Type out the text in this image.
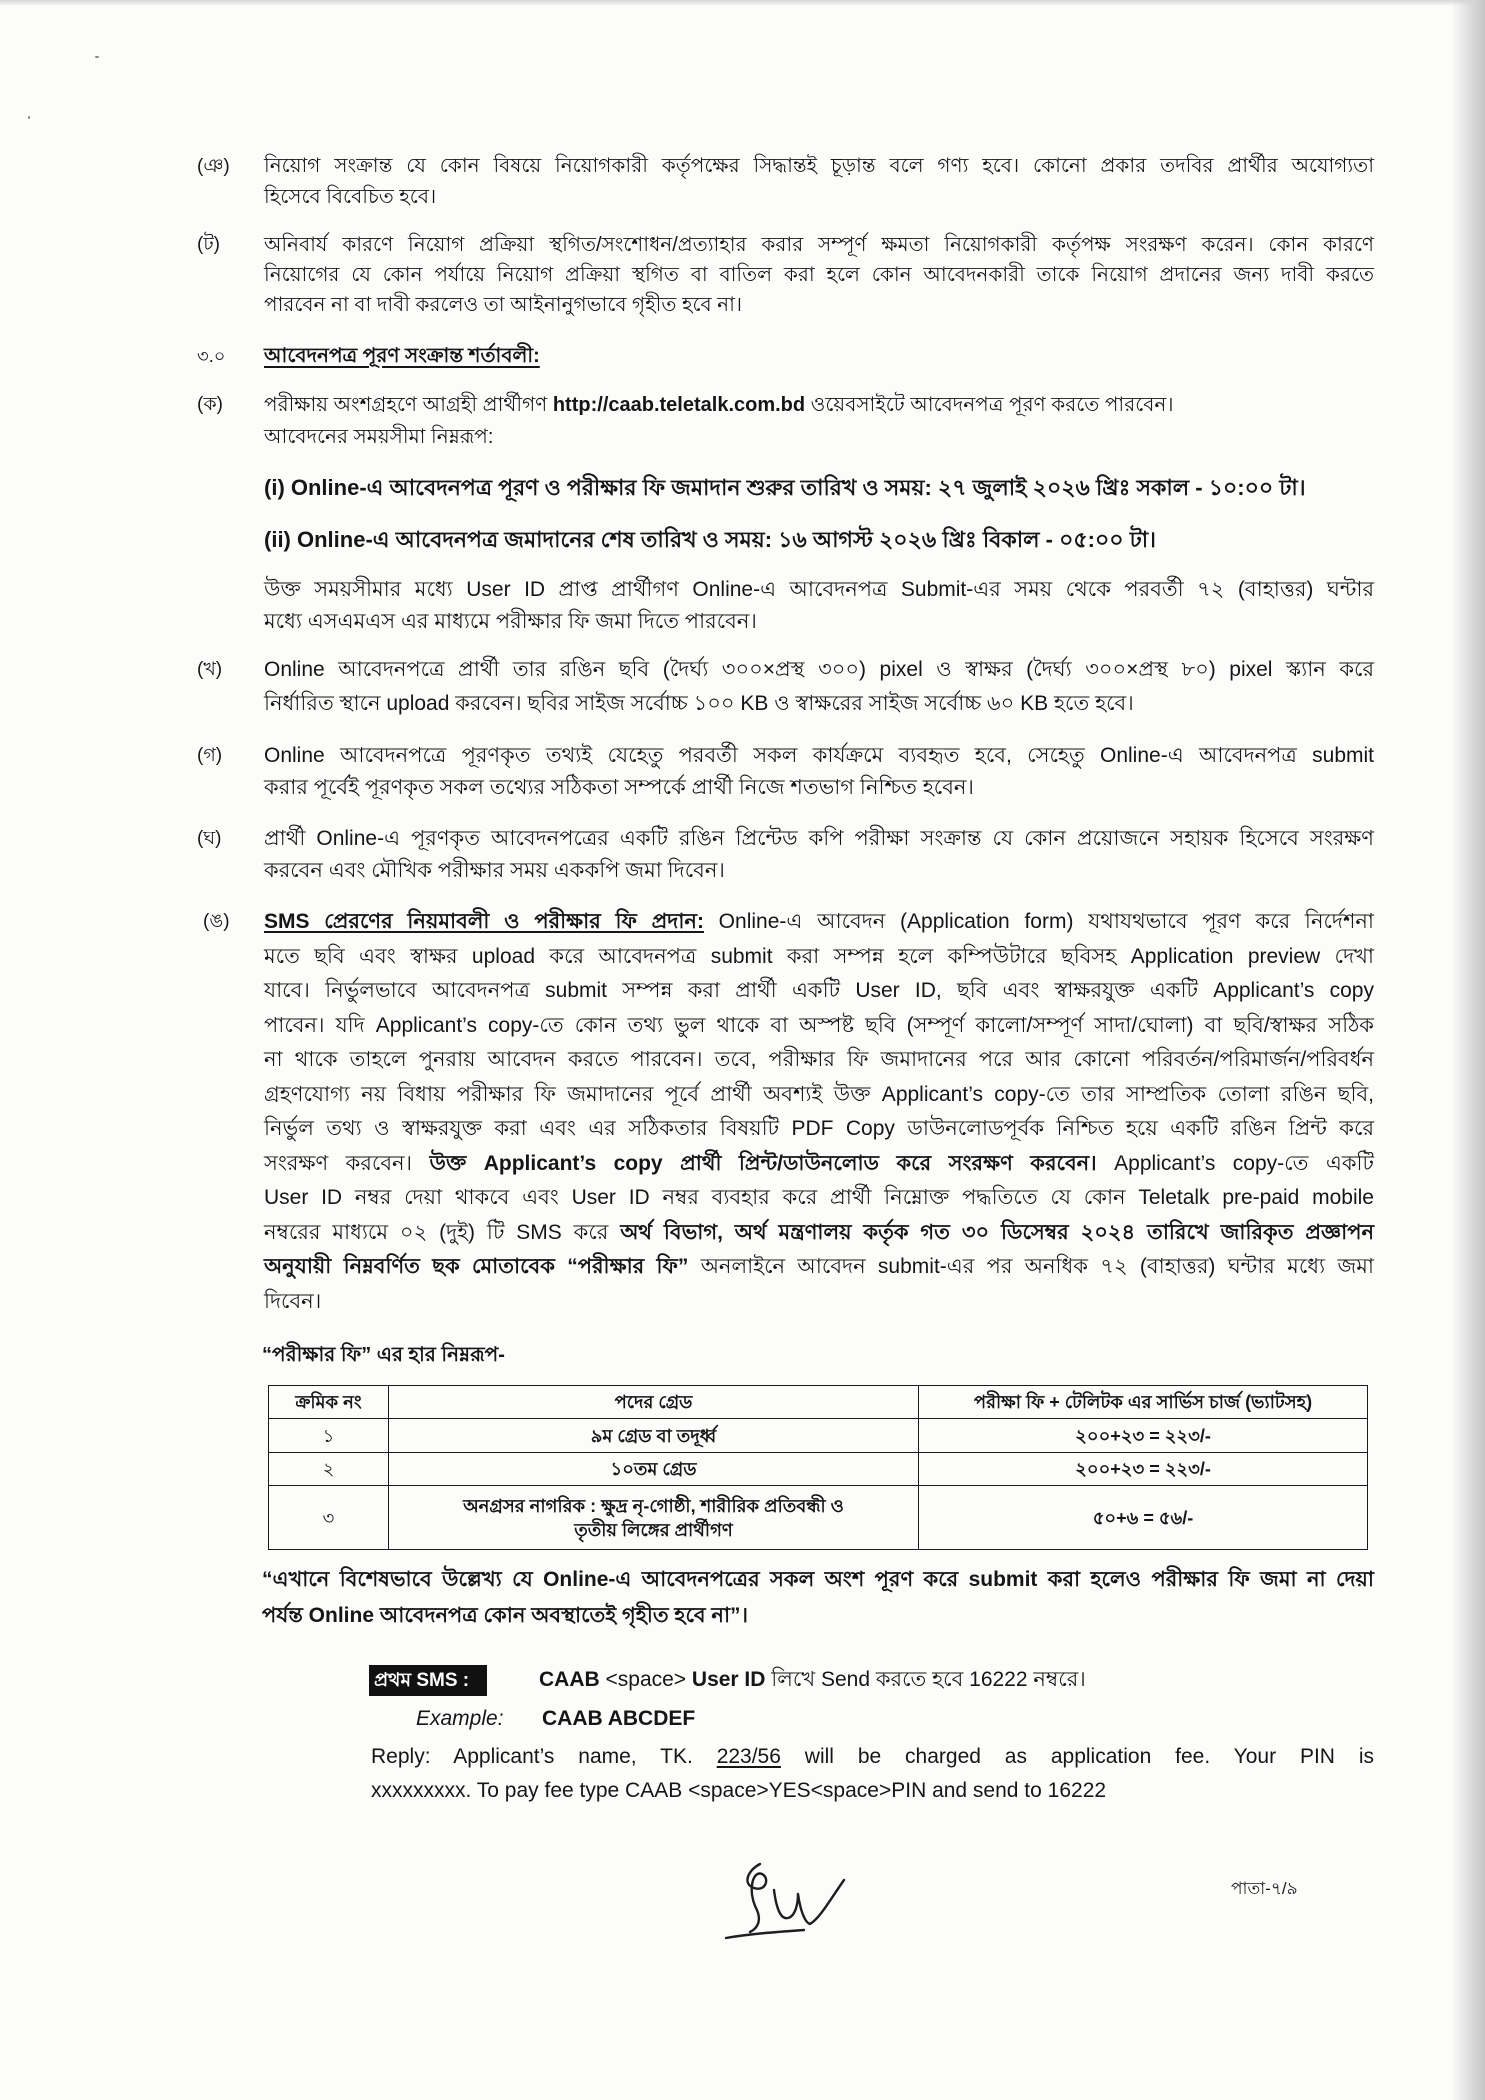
(ঞ) নিয়োগ সংক্রান্ত যে কোন বিষয়ে নিয়োগকারী কর্তৃপক্ষের সিদ্ধান্তই চূড়ান্ত বলে গণ্য হবে। কোনো প্রকার তদবির প্রার্থীর অযোগ্যতা
হিসেবে বিবেচিত হবে।
(ট) অনিবার্য কারণে নিয়োগ প্রক্রিয়া স্থগিত/সংশোধন/প্রত্যাহার করার সম্পূর্ণ ক্ষমতা নিয়োগকারী কর্তৃপক্ষ সংরক্ষণ করেন। কোন কারণে
নিয়োগের যে কোন পর্যায়ে নিয়োগ প্রক্রিয়া স্থগিত বা বাতিল করা হলে কোন আবেদনকারী তাকে নিয়োগ প্রদানের জন্য দাবী করতে
পারবেন না বা দাবী করলেও তা আইনানুগভাবে গৃহীত হবে না।
৩.০ আবেদনপত্র পূরণ সংক্রান্ত শর্তাবলী:
(ক) পরীক্ষায় অংশগ্রহণে আগ্রহী প্রার্থীগণ http://caab.teletalk.com.bd ওয়েবসাইটে আবেদনপত্র পূরণ করতে পারবেন।
আবেদনের সময়সীমা নিম্নরূপ:
(i) Online-এ আবেদনপত্র পূরণ ও পরীক্ষার ফি জমাদান শুরুর তারিখ ও সময়: ২৭ জুলাই ২০২৬ খ্রিঃ সকাল - ১০:০০ টা।
(ii) Online-এ আবেদনপত্র জমাদানের শেষ তারিখ ও সময়: ১৬ আগস্ট ২০২৬ খ্রিঃ বিকাল - ০৫:০০ টা।
উক্ত সময়সীমার মধ্যে User ID প্রাপ্ত প্রার্থীগণ Online-এ আবেদনপত্র Submit-এর সময় থেকে পরবর্তী ৭২ (বাহাত্তর) ঘন্টার
মধ্যে এসএমএস এর মাধ্যমে পরীক্ষার ফি জমা দিতে পারবেন।
(খ) Online আবেদনপত্রে প্রার্থী তার রঙিন ছবি (দৈর্ঘ্য ৩০০×প্রস্থ ৩০০) pixel ও স্বাক্ষর (দৈর্ঘ্য ৩০০×প্রস্থ ৮০) pixel স্ক্যান করে
নির্ধারিত স্থানে upload করবেন। ছবির সাইজ সর্বোচ্চ ১০০ KB ও স্বাক্ষরের সাইজ সর্বোচ্চ ৬০ KB হতে হবে।
(গ) Online আবেদনপত্রে পূরণকৃত তথ্যই যেহেতু পরবর্তী সকল কার্যক্রমে ব্যবহৃত হবে, সেহেতু Online-এ আবেদনপত্র submit
করার পূর্বেই পূরণকৃত সকল তথ্যের সঠিকতা সম্পর্কে প্রার্থী নিজে শতভাগ নিশ্চিত হবেন।
(ঘ) প্রার্থী Online-এ পূরণকৃত আবেদনপত্রের একটি রঙিন প্রিন্টেড কপি পরীক্ষা সংক্রান্ত যে কোন প্রয়োজনে সহায়ক হিসেবে সংরক্ষণ
করবেন এবং মৌখিক পরীক্ষার সময় এককপি জমা দিবেন।
(ঙ) SMS প্রেরণের নিয়মাবলী ও পরীক্ষার ফি প্রদান: Online-এ আবেদন (Application form) যথাযথভাবে পূরণ করে নির্দেশনা
মতে ছবি এবং স্বাক্ষর upload করে আবেদনপত্র submit করা সম্পন্ন হলে কম্পিউটারে ছবিসহ Application preview দেখা
যাবে। নির্ভুলভাবে আবেদনপত্র submit সম্পন্ন করা প্রার্থী একটি User ID, ছবি এবং স্বাক্ষরযুক্ত একটি Applicant’s copy
পাবেন। যদি Applicant’s copy-তে কোন তথ্য ভুল থাকে বা অস্পষ্ট ছবি (সম্পূর্ণ কালো/সম্পূর্ণ সাদা/ঘোলা) বা ছবি/স্বাক্ষর সঠিক
না থাকে তাহলে পুনরায় আবেদন করতে পারবেন। তবে, পরীক্ষার ফি জমাদানের পরে আর কোনো পরিবর্তন/পরিমার্জন/পরিবর্ধন
গ্রহণযোগ্য নয় বিধায় পরীক্ষার ফি জমাদানের পূর্বে প্রার্থী অবশ্যই উক্ত Applicant’s copy-তে তার সাম্প্রতিক তোলা রঙিন ছবি,
নির্ভুল তথ্য ও স্বাক্ষরযুক্ত করা এবং এর সঠিকতার বিষয়টি PDF Copy ডাউনলোডপূর্বক নিশ্চিত হয়ে একটি রঙিন প্রিন্ট করে
সংরক্ষণ করবেন। উক্ত Applicant’s copy প্রার্থী প্রিন্ট/ডাউনলোড করে সংরক্ষণ করবেন। Applicant’s copy-তে একটি
User ID নম্বর দেয়া থাকবে এবং User ID নম্বর ব্যবহার করে প্রার্থী নিম্নোক্ত পদ্ধতিতে যে কোন Teletalk pre-paid mobile
নম্বরের মাধ্যমে ০২ (দুই) টি SMS করে অর্থ বিভাগ, অর্থ মন্ত্রণালয় কর্তৃক গত ৩০ ডিসেম্বর ২০২৪ তারিখে জারিকৃত প্রজ্ঞাপন
অনুযায়ী নিম্নবর্ণিত ছক মোতাবেক “পরীক্ষার ফি” অনলাইনে আবেদন submit-এর পর অনধিক ৭২ (বাহাত্তর) ঘন্টার মধ্যে জমা
দিবেন।
“পরীক্ষার ফি” এর হার নিম্নরূপ-
ক্রমিক নং	পদের গ্রেড	পরীক্ষা ফি + টেলিটক এর সার্ভিস চার্জ (ভ্যাটসহ)
১	৯ম গ্রেড বা তদূর্ধ্ব	২০০+২৩ = ২২৩/-
২	১০তম গ্রেড	২০০+২৩ = ২২৩/-
৩	অনগ্রসর নাগরিক : ক্ষুদ্র নৃ-গোষ্ঠী, শারীরিক প্রতিবন্ধী ও
তৃতীয় লিঙ্গের প্রার্থীগণ	৫০+৬ = ৫৬/-
“এখানে বিশেষভাবে উল্লেখ্য যে Online-এ আবেদনপত্রের সকল অংশ পূরণ করে submit করা হলেও পরীক্ষার ফি জমা না দেয়া
পর্যন্ত Online আবেদনপত্র কোন অবস্থাতেই গৃহীত হবে না”।
প্রথম SMS :	CAAB <space> User ID লিখে Send করতে হবে 16222 নম্বরে।
Example: CAAB ABCDEF
Reply: Applicant’s name, TK. 223/56 will be charged as application fee. Your PIN is
xxxxxxxxx. To pay fee type CAAB <space>YES<space>PIN and send to 16222
পাতা-৭/৯
